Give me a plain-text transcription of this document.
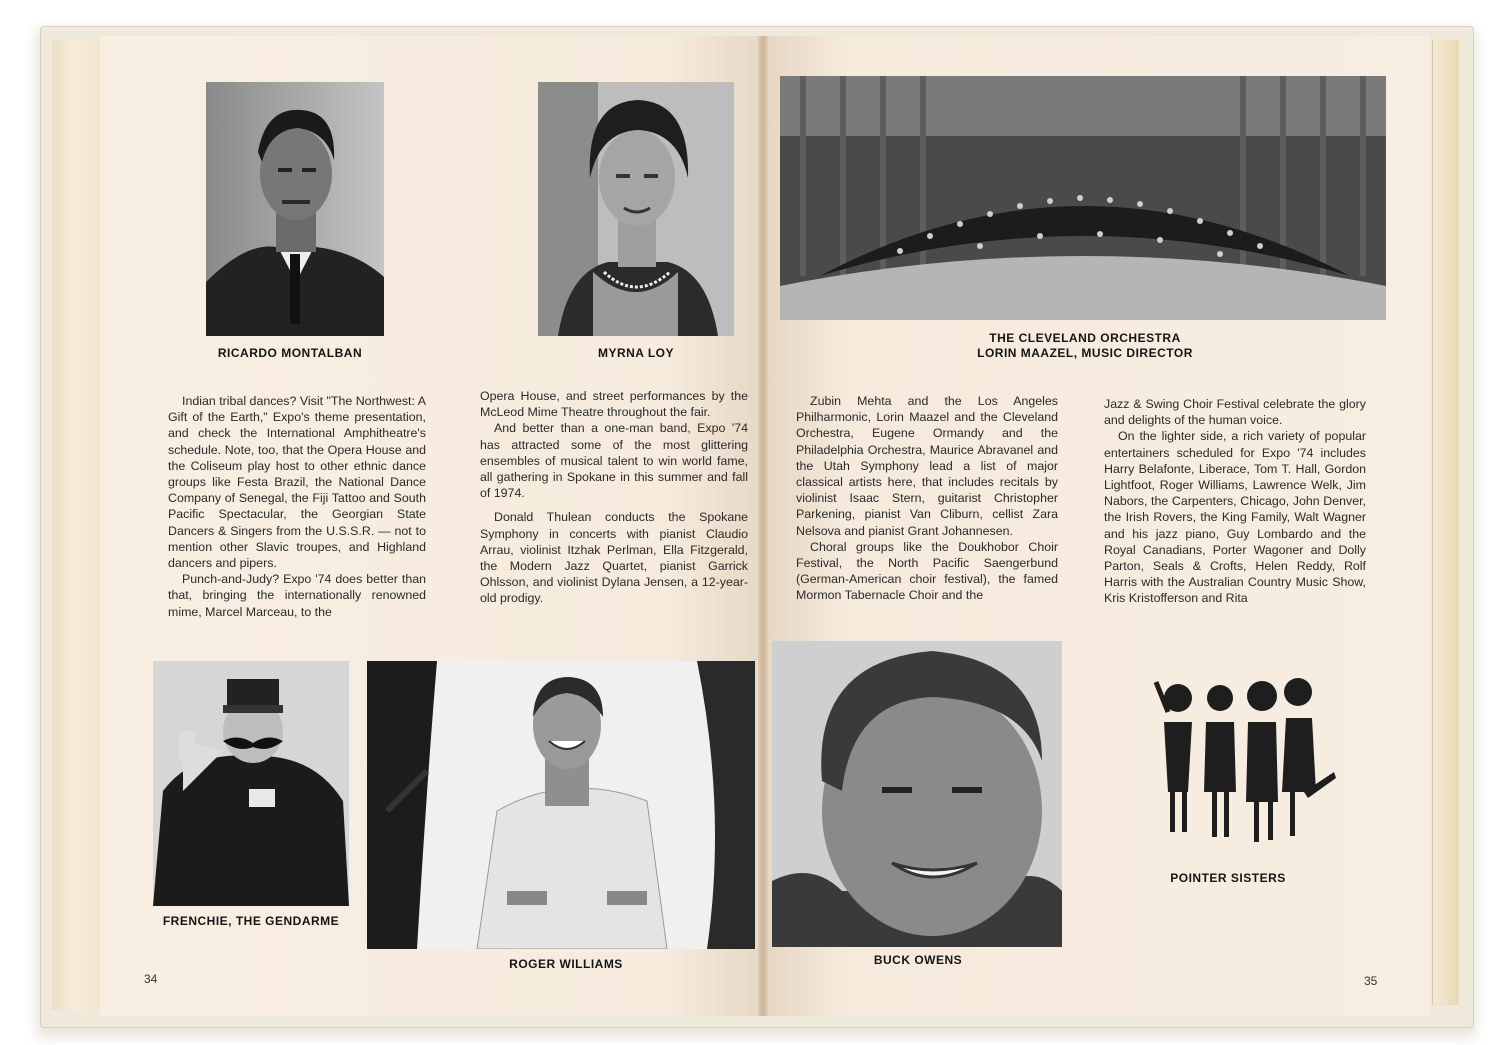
RICARDO MONTALBAN	MYRNA LOY
THE CLEVELAND ORCHESTRA
LORIN MAAZEL, MUSIC DIRECTOR

Indian tribal dances? Visit "The Northwest: A Gift of the Earth," Expo's theme presentation, and check the International Amphitheatre's schedule. Note, too, that the Opera House and the Coliseum play host to other ethnic dance groups like Festa Brazil, the National Dance Company of Senegal, the Fiji Tattoo and South Pacific Spectacular, the Georgian State Dancers & Singers from the U.S.S.R. — not to mention other Slavic troupes, and Highland dancers and pipers.

Punch-and-Judy? Expo '74 does better than that, bringing the internationally renowned mime, Marcel Marceau, to the

Opera House, and street performances by the McLeod Mime Theatre throughout the fair.

And better than a one-man band, Expo '74 has attracted some of the most glittering ensembles of musical talent to win world fame, all gathering in Spokane in this summer and fall of 1974.

Donald Thulean conducts the Spokane Symphony in concerts with pianist Claudio Arrau, violinist Itzhak Perlman, Ella Fitzgerald, the Modern Jazz Quartet, pianist Garrick Ohlsson, and violinist Dylana Jensen, a 12-year-old prodigy.

Zubin Mehta and the Los Angeles Philharmonic, Lorin Maazel and the Cleveland Orchestra, Eugene Ormandy and the Philadelphia Orchestra, Maurice Abravanel and the Utah Symphony lead a list of major classical artists here, that includes recitals by violinist Isaac Stern, guitarist Christopher Parkening, pianist Van Cliburn, cellist Zara Nelsova and pianist Grant Johannesen.

Choral groups like the Doukhobor Choir Festival, the North Pacific Saengerbund (German-American choir festival), the famed Mormon Tabernacle Choir and the

Jazz & Swing Choir Festival celebrate the glory and delights of the human voice.

On the lighter side, a rich variety of popular entertainers scheduled for Expo '74 includes Harry Belafonte, Liberace, Tom T. Hall, Gordon Lightfoot, Roger Williams, Lawrence Welk, Jim Nabors, the Carpenters, Chicago, John Denver, the Irish Rovers, the King Family, Walt Wagner and his jazz piano, Guy Lombardo and the Royal Canadians, Porter Wagoner and Dolly Parton, Seals & Crofts, Helen Reddy, Rolf Harris with the Australian Country Music Show, Kris Kristofferson and Rita

FRENCHIE, THE GENDARME
ROGER WILLIAMS	BUCK OWENS
POINTER SISTERS
34	35
